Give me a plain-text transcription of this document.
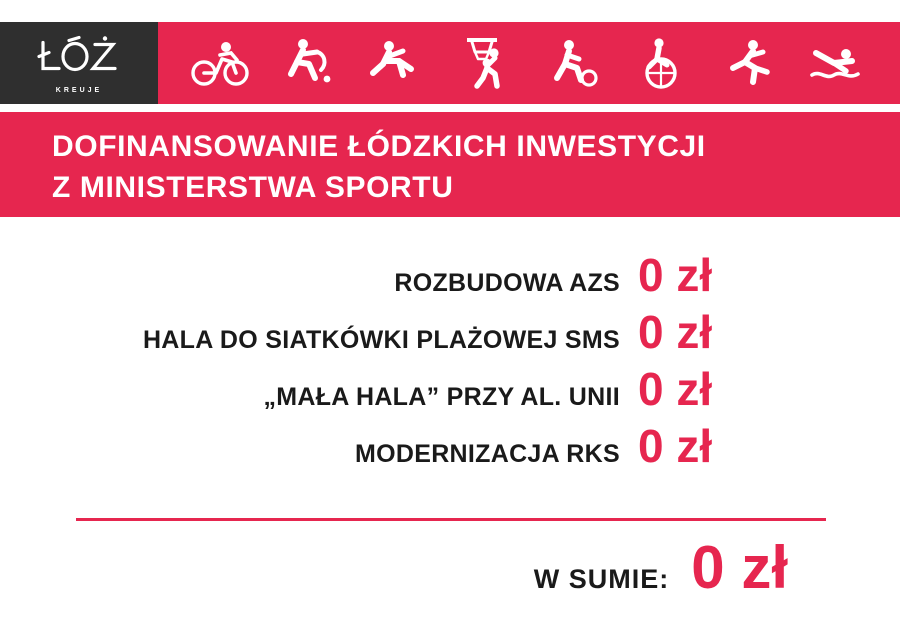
KREUJE
DOFINANSOWANIE ŁÓDZKICH INWESTYCJI
Z MINISTERSTWA SPORTU
ROZBUDOWA AZS 0 zł
HALA DO SIATKÓWKI PLAŻOWEJ SMS 0 zł
„MAŁA HALA” PRZY AL. UNII 0 zł
MODERNIZACJA RKS 0 zł
W SUMIE: 0 zł
